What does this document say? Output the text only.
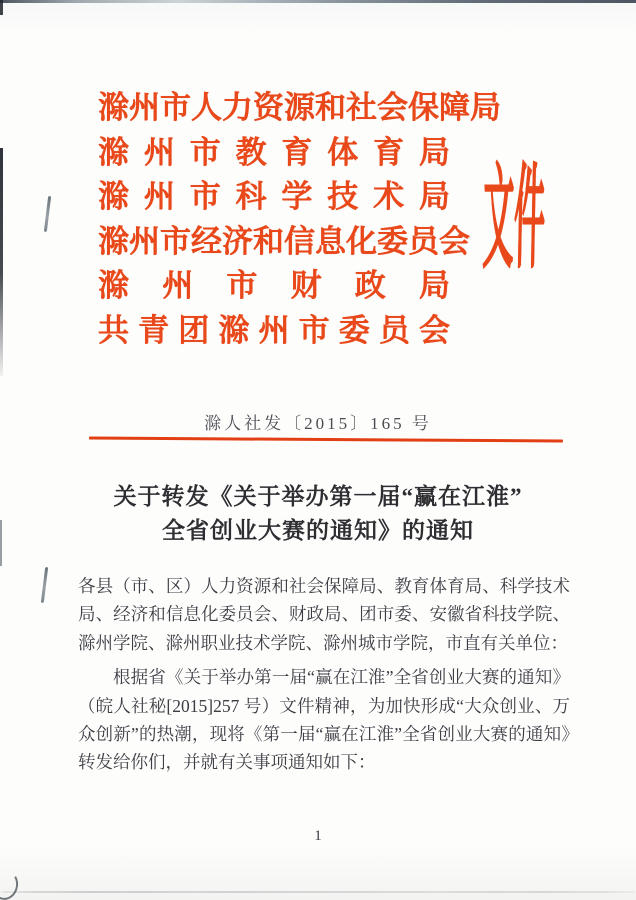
滁州市人力资源和社会保障局
滁州市教育体育局
滁州市科学技术局
滁州市经济和信息化委员会
滁州市财政局
共青团滁州市委员会
文件
滁人社发〔2015〕165 号
关于转发《关于举办第一届“赢在江淮”
全省创业大赛的通知》的通知

各县（市、区）人力资源和社会保障局、教育体育局、科学技术局、经济和信息化委员会、财政局、团市委、安徽省科技学院、滁州学院、滁州职业技术学院、滁州城市学院，市直有关单位：

根据省《关于举办第一届“赢在江淮”全省创业大赛的通知》（皖人社秘[2015]257 号）文件精神，为加快形成“大众创业、万众创新”的热潮，现将《第一届“赢在江淮”全省创业大赛的通知》转发给你们，并就有关事项通知如下：

1
